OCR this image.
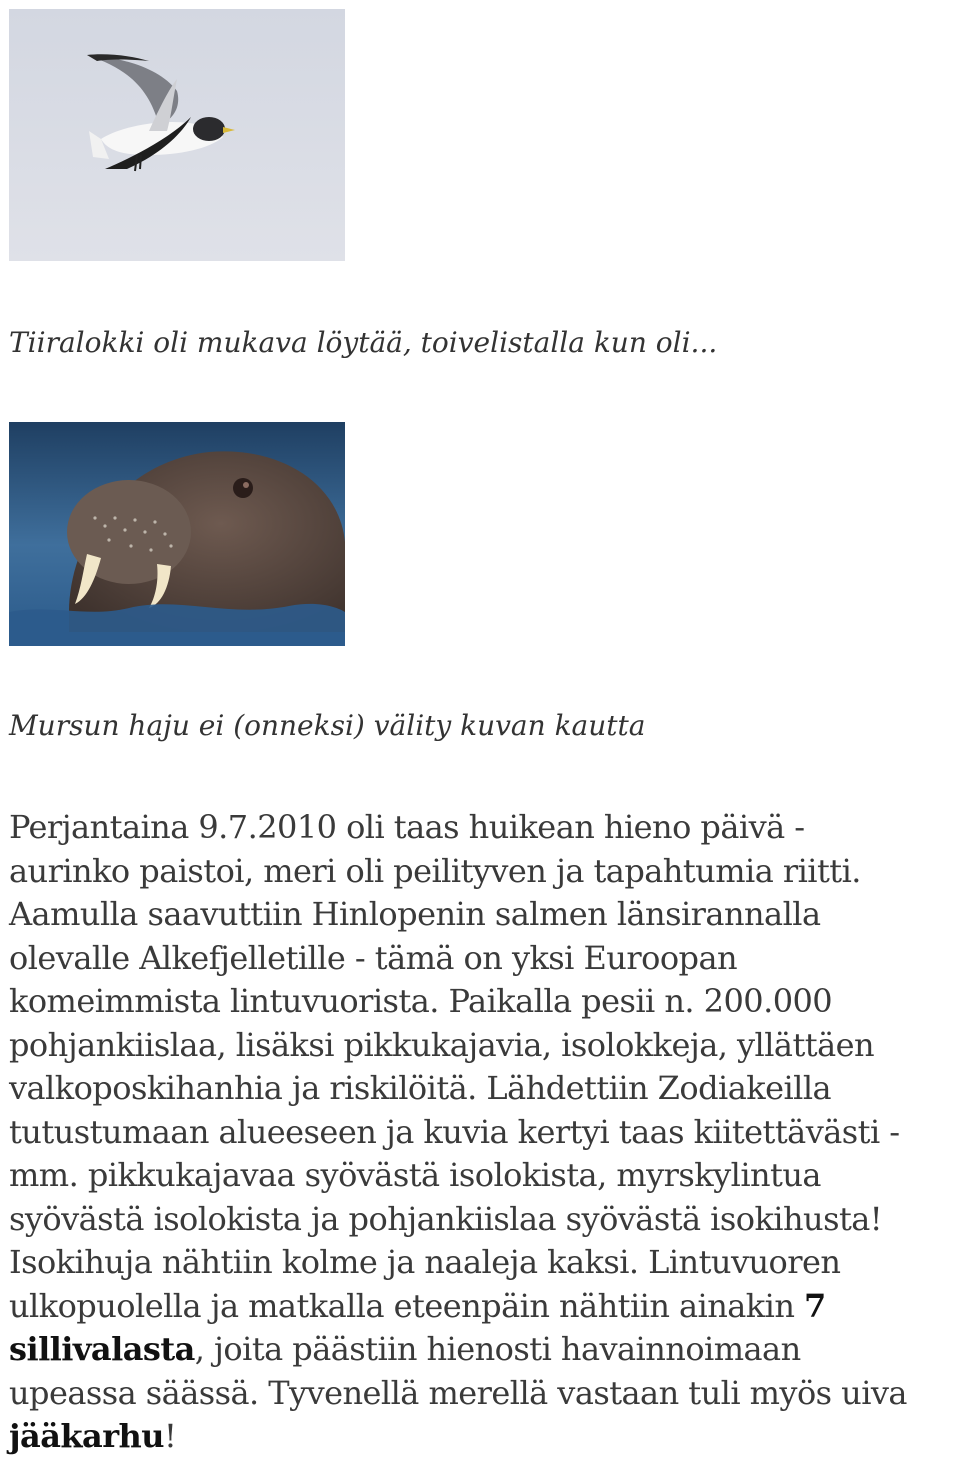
Tiiralokki oli mukava löytää, toivelistalla kun oli...

Mursun haju ei (onneksi) välity kuvan kautta

Perjantaina 9.7.2010 oli taas huikean hieno päivä -
aurinko paistoi, meri oli peilityven ja tapahtumia riitti.
Aamulla saavuttiin Hinlopenin salmen länsirannalla
olevalle Alkefjelletille - tämä on yksi Euroopan
komeimmista lintuvuorista. Paikalla pesii n. 200.000
pohjankiislaa, lisäksi pikkukajavia, isolokkeja, yllättäen
valkoposkihanhia ja riskilöitä. Lähdettiin Zodiakeilla
tutustumaan alueeseen ja kuvia kertyi taas kiitettävästi -
mm. pikkukajavaa syövästä isolokista, myrskylintua
syövästä isolokista ja pohjankiislaa syövästä isokihusta!
Isokihuja nähtiin kolme ja naaleja kaksi. Lintuvuoren
ulkopuolella ja matkalla eteenpäin nähtiin ainakin 7
sillivalasta, joita päästiin hienosti havainnoimaan
upeassa säässä. Tyvenellä merellä vastaan tuli myös uiva
jääkarhu!
